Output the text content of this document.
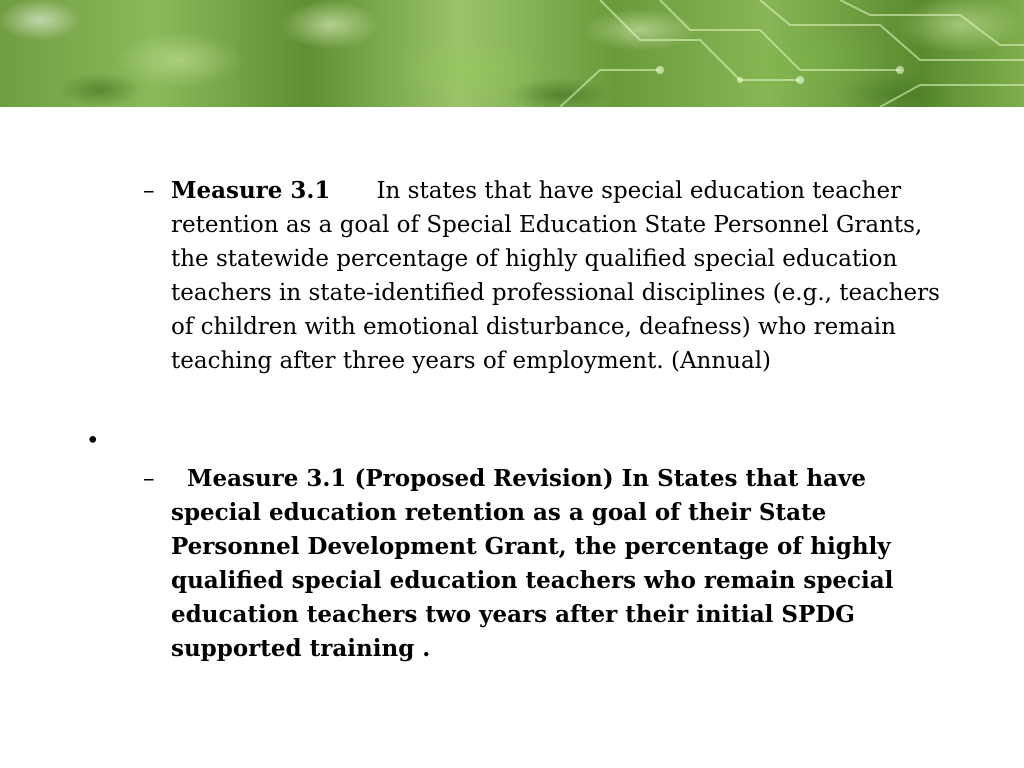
– Measure 3.1 In states that have special education teacher retention as a goal of Special Education State Personnel Grants, the statewide percentage of highly qualified special education teachers in state-identified professional disciplines (e.g., teachers of children with emotional disturbance, deafness) who remain teaching after three years of employment. (Annual)

•
–	Measure 3.1 (Proposed Revision) In States that have special education retention as a goal of their State Personnel Development Grant, the percentage of highly qualified special education teachers who remain special education teachers two years after their initial SPDG supported training .
